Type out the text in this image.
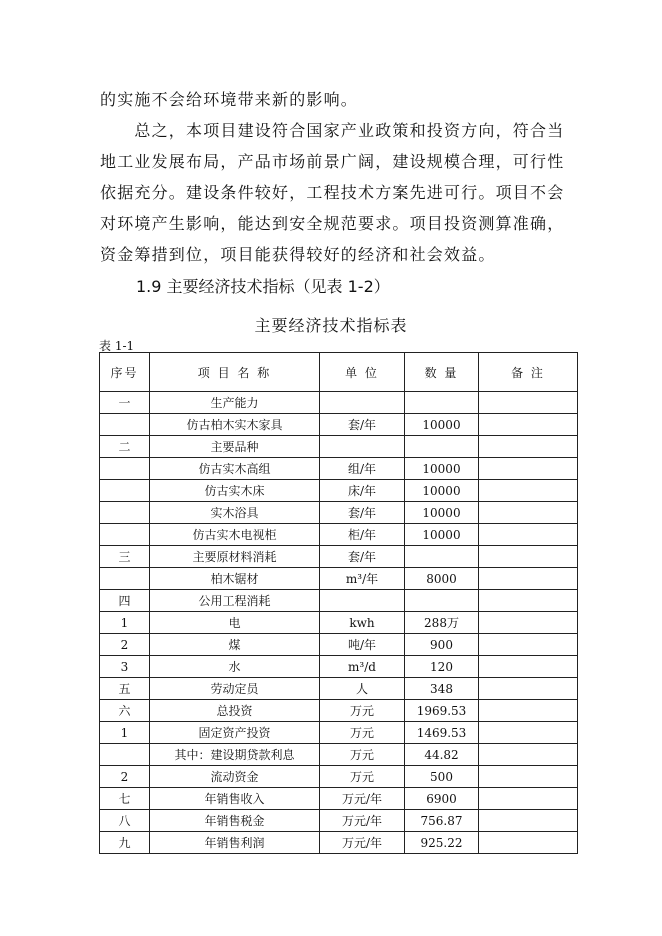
的实施不会给环境带来新的影响。
　　总之，本项目建设符合国家产业政策和投资方向，符合当
地工业发展布局，产品市场前景广阔，建设规模合理，可行性
依据充分。建设条件较好，工程技术方案先进可行。项目不会
对环境产生影响，能达到安全规范要求。项目投资测算准确，
资金筹措到位，项目能获得较好的经济和社会效益。
1.9 主要经济技术指标（见表 1-2）
主要经济技术指标表
表 1-1
序号	项 目 名 称	单 位	数 量	备 注
一	生产能力			
	仿古柏木实木家具	套/年	10000	
二	主要品种			
	仿古实木高组	组/年	10000	
	仿古实木床	床/年	10000	
	实木浴具	套/年	10000	
	仿古实木电视柜	柜/年	10000	
三	主要原材料消耗	套/年		
	柏木锯材	m³/年	8000	
四	公用工程消耗			
1	电	kwh	288万	
2	煤	吨/年	900	
3	水	m³/d	120	
五	劳动定员	人	348	
六	总投资	万元	1969.53	
1	固定资产投资	万元	1469.53	
	其中：建设期贷款利息	万元	44.82	
2	流动资金	万元	500	
七	年销售收入	万元/年	6900	
八	年销售税金	万元/年	756.87	
九	年销售利润	万元/年	925.22	
